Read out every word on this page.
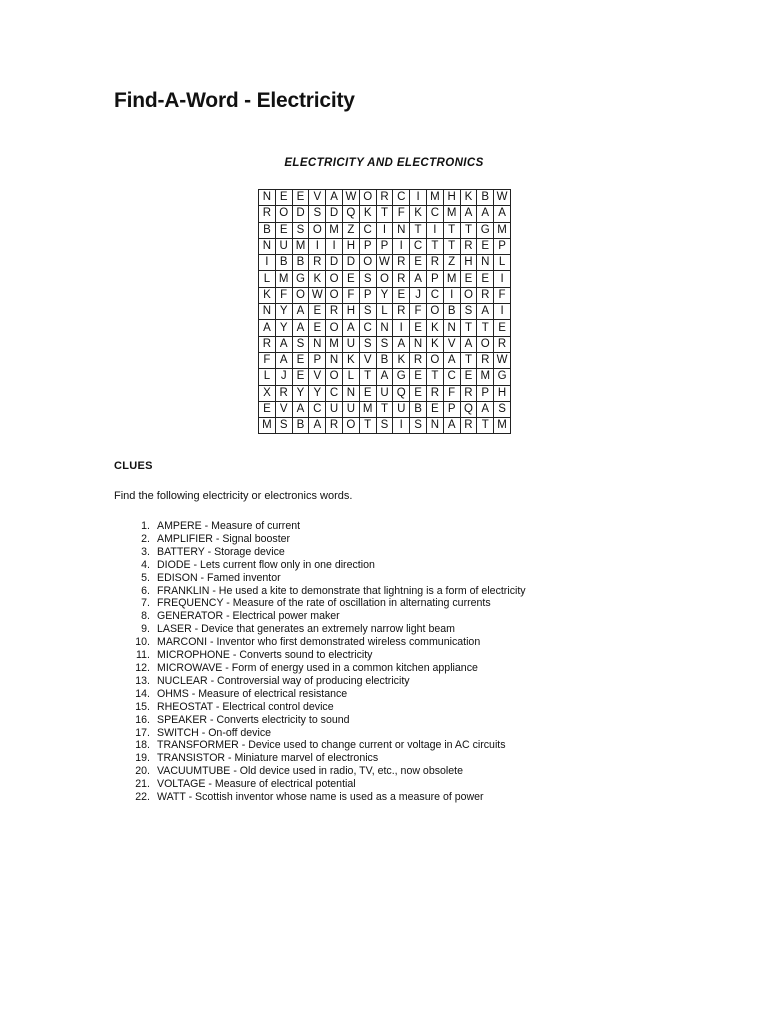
Find-A-Word - Electricity
ELECTRICITY AND ELECTRONICS
N	E	E	V	A	W	O	R	C	I	M	H	K	B	W
R	O	D	S	D	Q	K	T	F	K	C	M	A	A	A
B	E	S	O	M	Z	C	I	N	T	I	T	T	G	M
N	U	M	I	I	H	P	P	I	C	T	T	R	E	P
I	B	B	R	D	D	O	W	R	E	R	Z	H	N	L
L	M	G	K	O	E	S	O	R	A	P	M	E	E	I
K	F	O	W	O	F	P	Y	E	J	C	I	O	R	F
N	Y	A	E	R	H	S	L	R	F	O	B	S	A	I
A	Y	A	E	O	A	C	N	I	E	K	N	T	T	E
R	A	S	N	M	U	S	S	A	N	K	V	A	O	R
F	A	E	P	N	K	V	B	K	R	O	A	T	R	W
L	J	E	V	O	L	T	A	G	E	T	C	E	M	G
X	R	Y	Y	C	N	E	U	Q	E	R	F	R	P	H
E	V	A	C	U	U	M	T	U	B	E	P	Q	A	S
M	S	B	A	R	O	T	S	I	S	N	A	R	T	M
CLUES
Find the following electricity or electronics words.
1. AMPERE - Measure of current
2. AMPLIFIER - Signal booster
3. BATTERY - Storage device
4. DIODE - Lets current flow only in one direction
5. EDISON - Famed inventor
6. FRANKLIN - He used a kite to demonstrate that lightning is a form of electricity
7. FREQUENCY - Measure of the rate of oscillation in alternating currents
8. GENERATOR - Electrical power maker
9. LASER - Device that generates an extremely narrow light beam
10. MARCONI - Inventor who first demonstrated wireless communication
11. MICROPHONE - Converts sound to electricity
12. MICROWAVE - Form of energy used in a common kitchen appliance
13. NUCLEAR - Controversial way of producing electricity
14. OHMS - Measure of electrical resistance
15. RHEOSTAT - Electrical control device
16. SPEAKER - Converts electricity to sound
17. SWITCH - On-off device
18. TRANSFORMER - Device used to change current or voltage in AC circuits
19. TRANSISTOR - Miniature marvel of electronics
20. VACUUMTUBE - Old device used in radio, TV, etc., now obsolete
21. VOLTAGE - Measure of electrical potential
22. WATT - Scottish inventor whose name is used as a measure of power
